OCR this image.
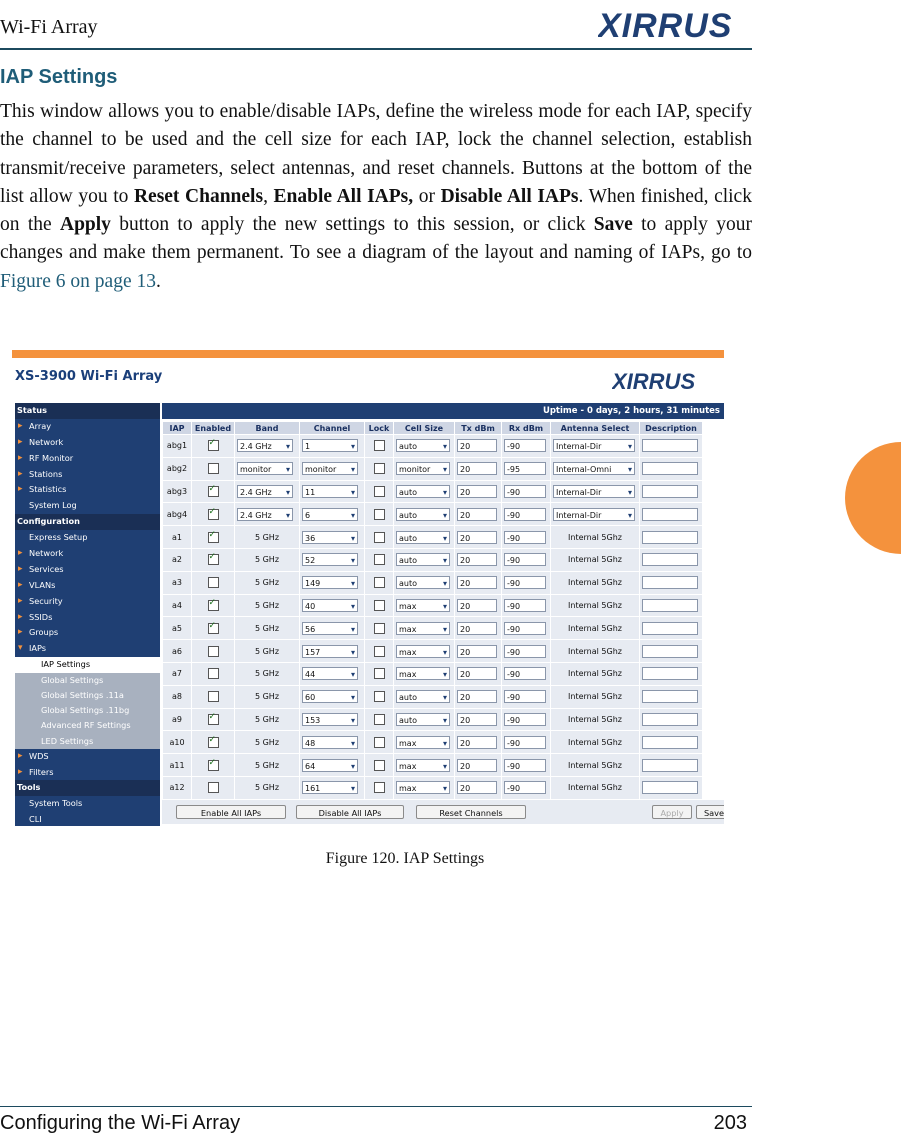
Wi-Fi Array	XIRRUS
IAP Settings

This window allows you to enable/disable IAPs, define the wireless mode for each IAP, specify the channel to be used and the cell size for each IAP, lock the channel selection, establish transmit/receive parameters, select antennas, and reset channels. Buttons at the bottom of the list allow you to Reset Channels, Enable All IAPs, or Disable All IAPs. When finished, click on the Apply button to apply the new settings to this session, or click Save to apply your changes and make them permanent. To see a diagram of the layout and naming of IAPs, go to Figure 6 on page 13.

XS-3900 Wi-Fi Array	XIRRUS
Status
▸ Array
▸ Network
▸ RF Monitor
▸ Stations
▸ Statistics
System Log
Configuration
Express Setup
▸ Network
▸ Services
▸ VLANs
▸ Security
▸ SSIDs
▸ Groups
▾ IAPs
IAP Settings
Global Settings
Global Settings .11a
Global Settings .11bg
Advanced RF Settings
LED Settings
▸ WDS
▸ Filters
Tools
System Tools
CLI
Uptime - 0 days, 2 hours, 31 minutes
IAP	Enabled	Band	Channel	Lock	Cell Size	Tx dBm	Rx dBm	Antenna Select	Description
abg1	✓	2.4 GHz ▾	1 ▾		auto ▾	20	-90	Internal-Dir ▾	
abg2		monitor ▾	monitor ▾		monitor ▾	20	-95	Internal-Omni ▾	
abg3	✓	2.4 GHz ▾	11 ▾		auto ▾	20	-90	Internal-Dir ▾	
abg4	✓	2.4 GHz ▾	6 ▾		auto ▾	20	-90	Internal-Dir ▾	
a1	✓	5 GHz	36 ▾		auto ▾	20	-90	Internal 5Ghz	

a2	✓	5 GHz	52 ▾		auto ▾	20	-90	Internal 5Ghz	

a3		5 GHz	149 ▾		auto ▾	20	-90	Internal 5Ghz	

a4	✓	5 GHz	40 ▾		max ▾	20	-90	Internal 5Ghz	

a5	✓	5 GHz	56 ▾		max ▾	20	-90	Internal 5Ghz	

a6		5 GHz	157 ▾		max ▾	20	-90	Internal 5Ghz	

a7		5 GHz	44 ▾		max ▾	20	-90	Internal 5Ghz	

a8		5 GHz	60 ▾		auto ▾	20	-90	Internal 5Ghz	

a9	✓	5 GHz	153 ▾		auto ▾	20	-90	Internal 5Ghz	

a10	✓	5 GHz	48 ▾		max ▾	20	-90	Internal 5Ghz	

a11	✓	5 GHz	64 ▾		max ▾	20	-90	Internal 5Ghz	

a12		5 GHz	161 ▾		max ▾	20	-90	Internal 5Ghz	

Enable All IAPs	Disable All IAPs	Reset Channels	Apply	Save
Figure 120. IAP Settings
Configuring the Wi-Fi Array	203
